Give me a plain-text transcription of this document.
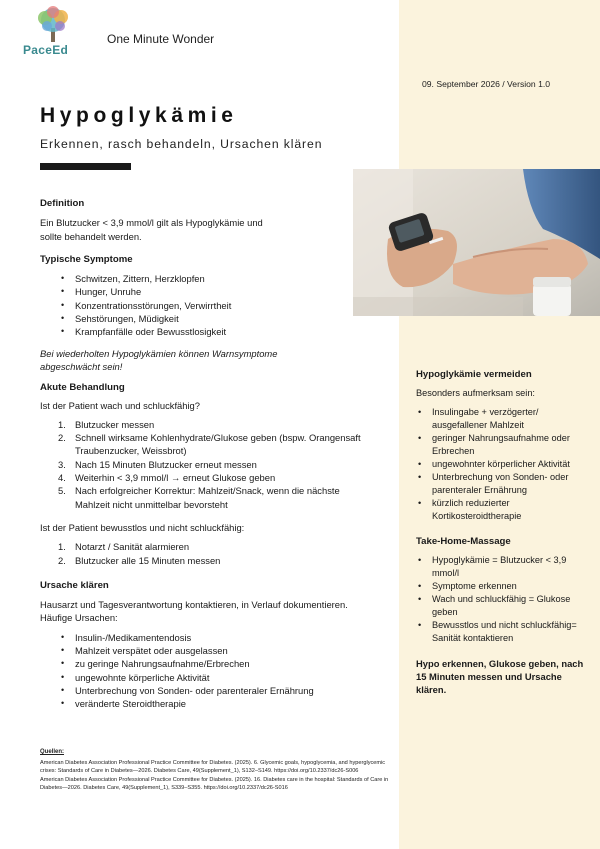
PaceEd
One Minute Wonder
09. September 2026 / Version 1.0
Hypoglykämie
Erkennen, rasch behandeln, Ursachen klären
Definition

Ein Blutzucker < 3,9 mmol/l gilt als Hypoglykämie und

sollte behandelt werden.

Typische Symptome
• Schwitzen, Zittern, Herzklopfen
• Hunger, Unruhe
• Konzentrationsstörungen, Verwirrtheit
• Sehstörungen, Müdigkeit
• Krampfanfälle oder Bewusstlosigkeit

Bei wiederholten Hypoglykämien können Warnsymptome

abgeschwächt sein!

Akute Behandlung

Ist der Patient wach und schluckfähig?

1. Blutzucker messen
2. Schnell wirksame Kohlenhydrate/Glukose geben (bspw. Orangensaft
Traubenzucker, Weissbrot)
3. Nach 15 Minuten Blutzucker erneut messen
4. Weiterhin < 3,9 mmol/l → erneut Glukose geben
5. Nach erfolgreicher Korrektur: Mahlzeit/Snack, wenn die nächste
Mahlzeit nicht unmittelbar bevorsteht

Ist der Patient bewusstlos und nicht schluckfähig:

1. Notarzt / Sanität alarmieren
2. Blutzucker alle 15 Minuten messen
Ursache klären

Hausarzt und Tagesverantwortung kontaktieren, in Verlauf dokumentieren.

Häufige Ursachen:

• Insulin-/Medikamentendosis
• Mahlzeit verspätet oder ausgelassen
• zu geringe Nahrungsaufnahme/Erbrechen
• ungewohnte körperliche Aktivität
• Unterbrechung von Sonden- oder parenteraler Ernährung
• veränderte Steroidtherapie
Quellen:

American Diabetes Association Professional Practice Committee for Diabetes. (2025). 6. Glycemic goals, hypoglycemia, and hyperglycemic crises: Standards of Care in Diabetes—2026. Diabetes Care, 49(Supplement_1), S132–S149. https://doi.org/10.2337/dc26-S006

American Diabetes Association Professional Practice Committee for Diabetes. (2025). 16. Diabetes care in the hospital: Standards of Care in Diabetes—2026. Diabetes Care, 49(Supplement_1), S339–S355. https://doi.org/10.2337/dc26-S016

Hypoglykämie vermeiden

Besonders aufmerksam sein:

• Insulingabe + verzögerter/ ausgefallener Mahlzeit
• geringer Nahrungsaufnahme oder Erbrechen
• ungewohnter körperlicher Aktivität
• Unterbrechung von Sonden- oder parenteraler Ernährung
• kürzlich reduzierter Kortikosteroidtherapie
Take-Home-Massage
• Hypoglykämie = Blutzucker < 3,9 mmol/l
• Symptome erkennen
• Wach und schluckfähig = Glukose geben
• Bewusstlos und nicht schluckfähig= Sanität kontaktieren

Hypo erkennen, Glukose geben, nach 15 Minuten messen und Ursache klären.
